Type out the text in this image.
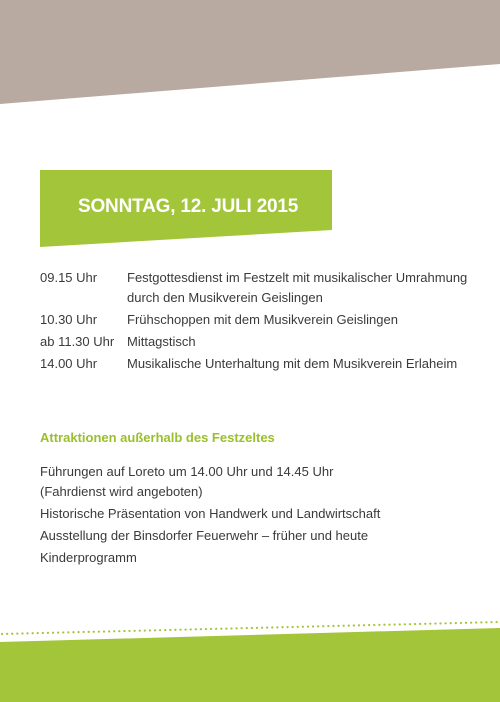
SONNTAG, 12. JULI 2015
09.15 Uhr	Festgottesdienst im Festzelt mit musikalischer Umrahmung
durch den Musikverein Geislingen
10.30 Uhr	Frühschoppen mit dem Musikverein Geislingen
ab 11.30 Uhr Mittagstisch
14.00 Uhr	Musikalische Unterhaltung mit dem Musikverein Erlaheim
Attraktionen außerhalb des Festzeltes
Führungen auf Loreto um 14.00 Uhr und 14.45 Uhr
(Fahrdienst wird angeboten)
Historische Präsentation von Handwerk und Landwirtschaft
Ausstellung der Binsdorfer Feuerwehr – früher und heute
Kinderprogramm
